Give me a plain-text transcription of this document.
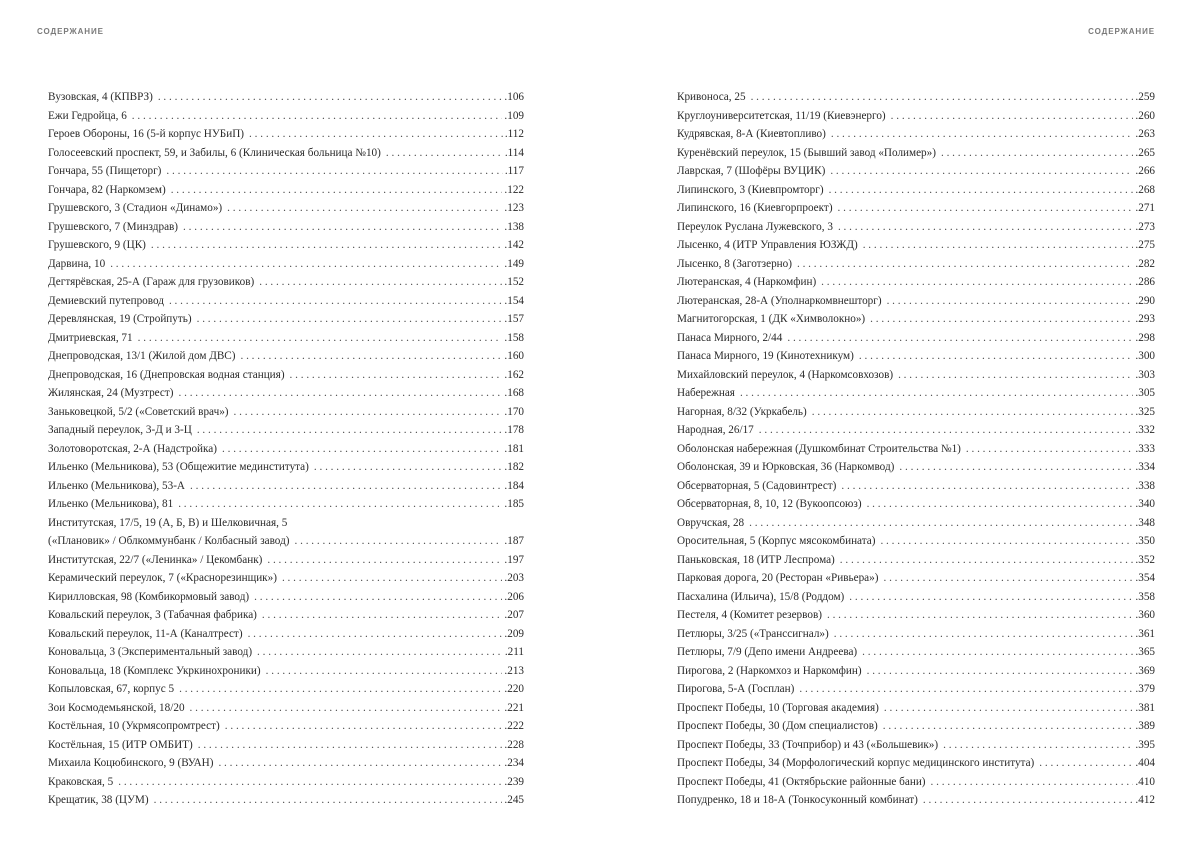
СОДЕРЖАНИЕ	СОДЕРЖАНИЕ
Вузовская, 4 (КПВРЗ) . . .	.106
Ежи Гедройца, 6 . . .	.109
Героев Обороны, 16 (5-й корпус НУБиП) . . .	.112
Голосеевский проспект, 59, и Забилы, 6 (Клиническая больница №10) . . .	.114
Гончара, 55 (Пищеторг) . . .	.117
Гончара, 82 (Наркомзем) . . .	.122
Грушевского, 3 (Стадион «Динамо») . . .	.123
Грушевского, 7 (Минздрав) . . .	.138
Грушевского, 9 (ЦК) . . .	.142
Дарвина, 10 . . .	.149
Дегтярёвская, 25-А (Гараж для грузовиков) . . .	.152
Демиевский путепровод . . .	.154
Деревлянская, 19 (Стройпуть) . . .	.157
Дмитриевская, 71 . . .	.158
Днепроводская, 13/1 (Жилой дом ДВС) . . .	.160
Днепроводская, 16 (Днепровская водная станция) . . .	.162
Жилянская, 24 (Музтрест) . . .	.168
Заньковецкой, 5/2 («Советский врач») . . .	.170
Западный переулок, 3-Д и 3-Ц . . .	.178
Золотоворотская, 2-А (Надстройка) . . .	.181
Ильенко (Мельникова), 53 (Общежитие мединститута) . . .	.182
Ильенко (Мельникова), 53-А . . .	.184
Ильенко (Мельникова), 81 . . .	.185
Институтская, 17/5, 19 (А, Б, В) и Шелковичная, 5
(«Плановик» / Облкоммунбанк / Колбасный завод) . . .	.187
Институтская, 22/7 («Ленинка» / Цекомбанк) . . .	.197
Керамический переулок, 7 («Краснорезинщик») . . .	.203
Кирилловская, 98 (Комбикормовый завод) . . .	.206
Ковальский переулок, 3 (Табачная фабрика) . . .	.207
Ковальский переулок, 11-А (Каналтрест) . . .	.209
Коновальца, 3 (Экспериментальный завод) . . .	.211
Коновальца, 18 (Комплекс Укркинохроники) . . .	.213
Копыловская, 67, корпус 5 . . .	.220
Зои Космодемьянской, 18/20 . . .	.221
Костёльная, 10 (Укрмясопромтрест) . . .	.222
Костёльная, 15 (ИТР ОМБИТ) . . .	.228
Михаила Коцюбинского, 9 (ВУАН) . . .	.234
Краковская, 5 . . .	.239
Крещатик, 38 (ЦУМ) . . .	.245
Кривоноса, 25 . . .	.259
Круглоуниверситетская, 11/19 (Киевэнерго) . . .	.260
Кудрявская, 8-А (Киевтопливо) . . .	.263
Куренёвский переулок, 15 (Бывший завод «Полимер») . . .	.265
Лаврская, 7 (Шофёры ВУЦИК) . . .	.266
Липинского, 3 (Киевпромторг) . . .	.268
Липинского, 16 (Киевгорпроект) . . .	.271
Переулок Руслана Лужевского, 3 . . .	.273
Лысенко, 4 (ИТР Управления ЮЗЖД) . . .	.275
Лысенко, 8 (Заготзерно) . . .	.282
Лютеранская, 4 (Наркомфин) . . .	.286
Лютеранская, 28-А (Уполнаркомвнешторг) . . .	.290
Магнитогорская, 1 (ДК «Химволокно») . . .	.293
Панаса Мирного, 2/44 . . .	.298
Панаса Мирного, 19 (Кинотехникум) . . .	.300
Михайловский переулок, 4 (Наркомсовхозов) . . .	.303
Набережная . . .	.305
Нагорная, 8/32 (Укркабель) . . .	.325
Народная, 26/17 . . .	.332
Оболонская набережная (Душкомбинат Строительства №1) . . .	.333
Оболонская, 39 и Юрковская, 36 (Наркомвод) . . .	.334
Обсерваторная, 5 (Садовинтрест) . . .	.338
Обсерваторная, 8, 10, 12 (Вукоопсоюз) . . .	.340
Овручская, 28 . . .	.348
Оросительная, 5 (Корпус мясокомбината) . . .	.350
Паньковская, 18 (ИТР Леспрома) . . .	.352
Парковая дорога, 20 (Ресторан «Ривьера») . . .	.354
Пасхалина (Ильича), 15/8 (Роддом) . . .	.358
Пестеля, 4 (Комитет резервов) . . .	.360
Петлюры, 3/25 («Транссигнал») . . .	.361
Петлюры, 7/9 (Депо имени Андреева) . . .	.365
Пирогова, 2 (Наркомхоз и Наркомфин) . . .	.369
Пирогова, 5-А (Госплан) . . .	.379
Проспект Победы, 10 (Торговая академия) . . .	.381
Проспект Победы, 30 (Дом специалистов) . . .	.389
Проспект Победы, 33 (Точприбор) и 43 («Большевик») . . .	.395
Проспект Победы, 34 (Морфологический корпус медицинского института) . . .	.404
Проспект Победы, 41 (Октябрьские районные бани) . . .	.410
Попудренко, 18 и 18-А (Тонкосуконный комбинат) . . .	.412
